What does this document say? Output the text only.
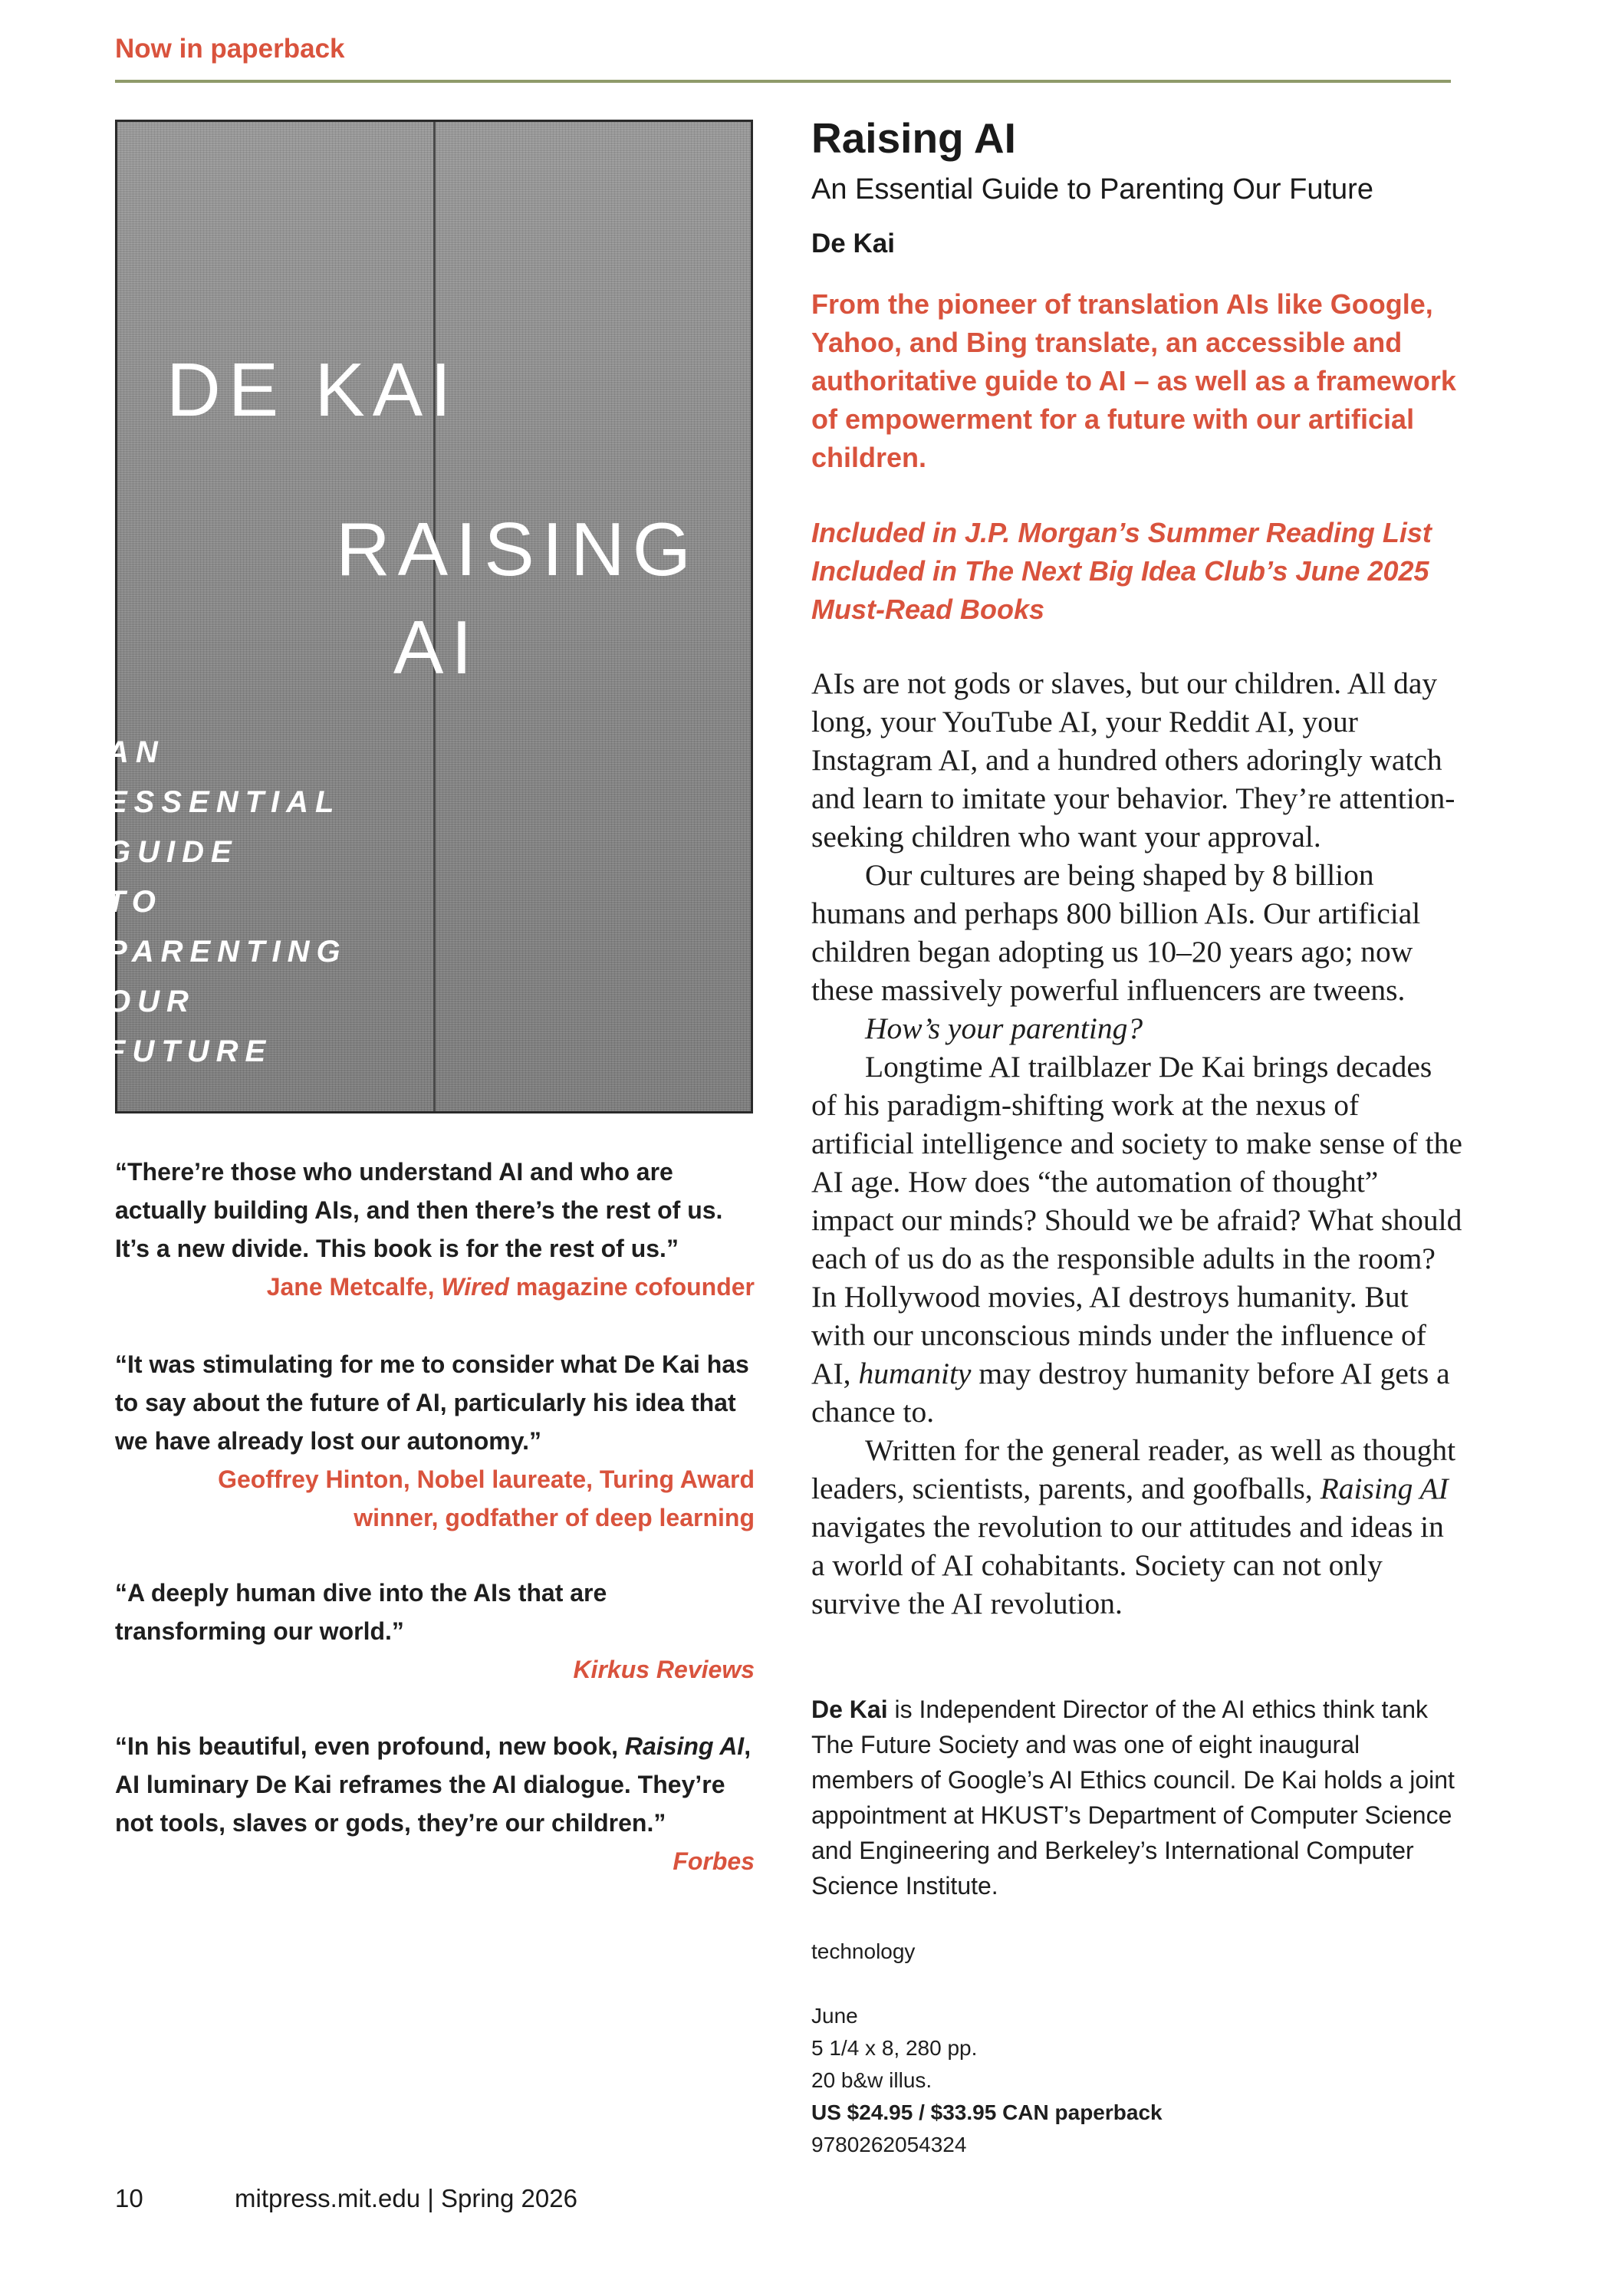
Now in paperback
DE KAI
RAISING
AI
AN
ESSENTIAL
GUIDE
TO
PARENTING
OUR
FUTURE
“There’re those who understand AI and who are actually building AIs, and then there’s the rest of us. It’s a new divide. This book is for the rest of us.”
Jane Metcalfe, Wired magazine cofounder
“It was stimulating for me to consider what De Kai has to say about the future of AI, particularly his idea that we have already lost our autonomy.”
Geoffrey Hinton, Nobel laureate, Turing Award
winner, godfather of deep learning
“A deeply human dive into the AIs that are transforming our world.”
Kirkus Reviews
“In his beautiful, even profound, new book, Raising AI, AI luminary De Kai reframes the AI dialogue. They’re not tools, slaves or gods, they’re our children.”
Forbes
Raising AI
An Essential Guide to Parenting Our Future
De Kai
From the pioneer of translation AIs like Google, Yahoo, and Bing translate, an accessible and authoritative guide to AI – as well as a framework of empowerment for a future with our artificial children.
Included in J.P. Morgan’s Summer Reading List
Included in The Next Big Idea Club’s June 2025 Must-Read Books

AIs are not gods or slaves, but our children. All day long, your YouTube AI, your Reddit AI, your Instagram AI, and a hundred others adoringly watch and learn to imitate your behavior. They’re attention-seeking children who want your approval.

Our cultures are being shaped by 8 billion humans and perhaps 800 billion AIs. Our artificial children began adopting us 10–20 years ago; now these massively powerful influencers are tweens.

How’s your parenting?

Longtime AI trailblazer De Kai brings decades of his paradigm-shifting work at the nexus of artificial intelligence and society to make sense of the AI age. How does “the automation of thought” impact our minds? Should we be afraid? What should each of us do as the responsible adults in the room? In Hollywood movies, AI destroys humanity. But with our unconscious minds under the influence of AI, humanity may destroy humanity before AI gets a chance to.

Written for the general reader, as well as thought leaders, scientists, parents, and goofballs, Raising AI navigates the revolution to our attitudes and ideas in a world of AI cohabitants. Society can not only survive the AI revolution.

De Kai is Independent Director of the AI ethics think tank The Future Society and was one of eight inaugural members of Google’s AI Ethics council. De Kai holds a joint appointment at HKUST’s Department of Computer Science and Engineering and Berkeley’s International Computer Science Institute.
technology
June
5 1/4 x 8, 280 pp.
20 b&w illus.
US $24.95 / $33.95 CAN paperback
9780262054324
10	mitpress.mit.edu | Spring 2026
